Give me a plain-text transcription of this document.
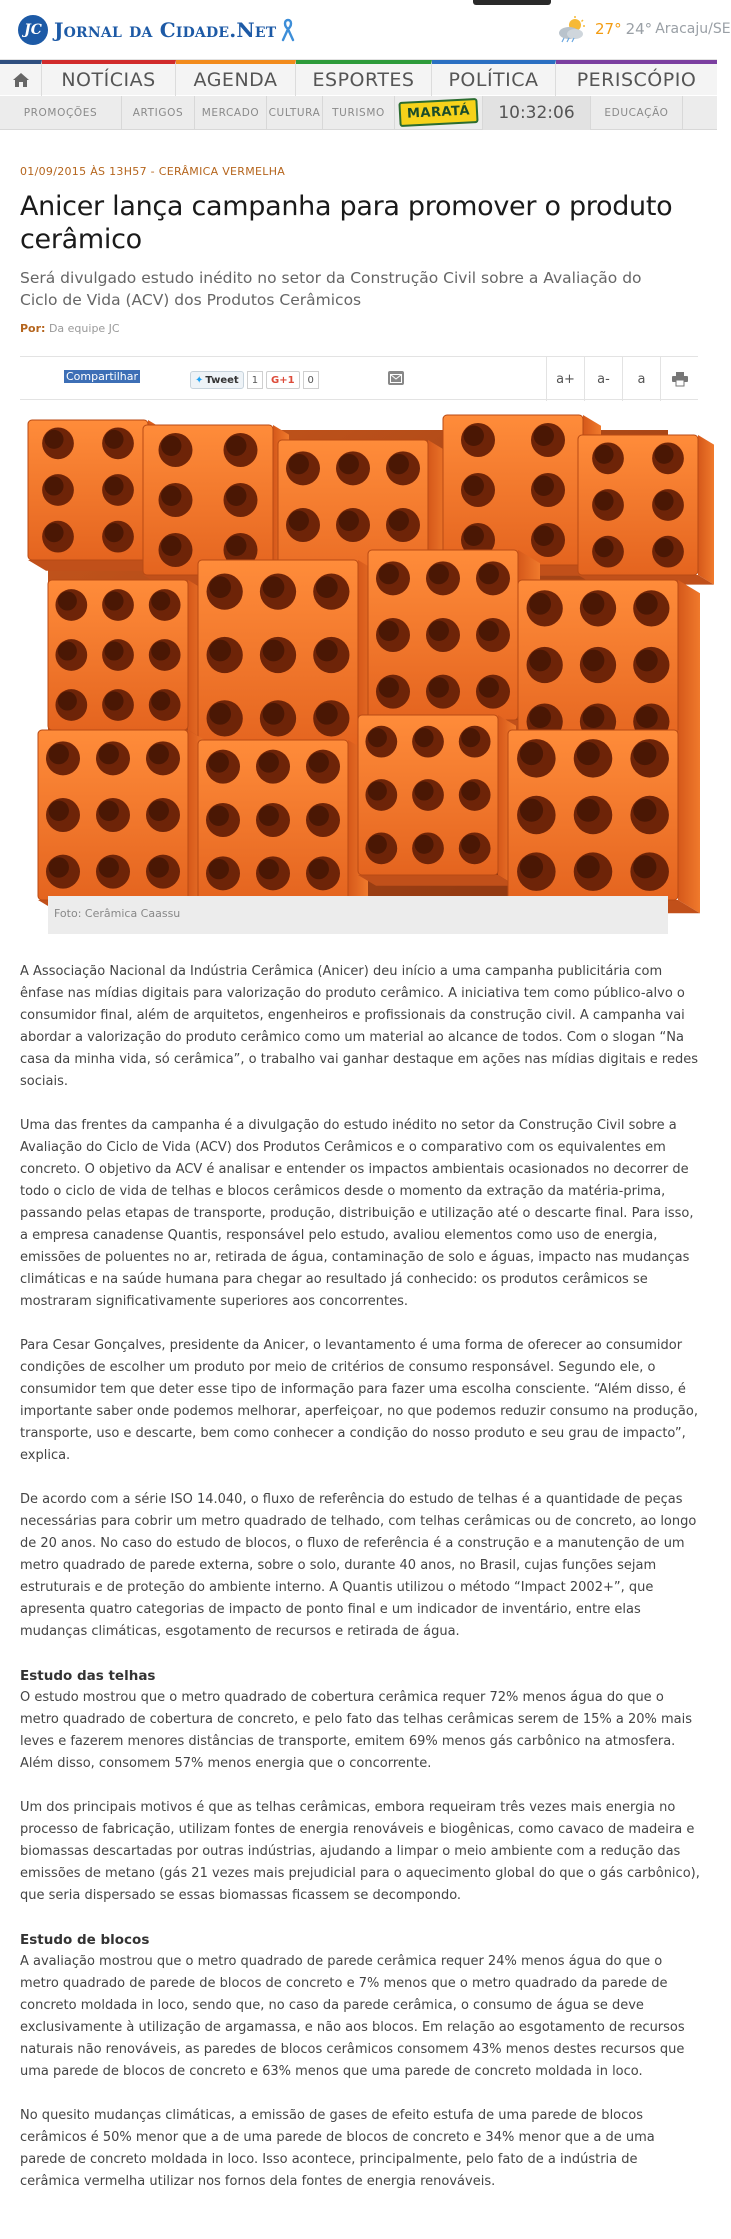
JC Jornal da Cidade.Net	27° 24° Aracaju/SE
NOTÍCIAS	AGENDA	ESPORTES	POLÍTICA	PERISCÓPIO
PROMOÇÕES	ARTIGOS	MERCADO CULTURA	TURISMO	MARATÁ	10:32:06	EDUCAÇÃO
01/09/2015 ÀS 13H57 - CERÂMICA VERMELHA
Anicer lança campanha para promover o produto cerâmico
Será divulgado estudo inédito no setor da Construção Civil sobre a Avaliação do Ciclo de Vida (ACV) dos Produtos Cerâmicos
Por: Da equipe JC
Compartilhar	✦ Tweet	1	G+1	0	a+	a-	a
Foto: Cerâmica Caassu

A Associação Nacional da Indústria Cerâmica (Anicer) deu início a uma campanha publicitária com ênfase nas mídias digitais para valorização do produto cerâmico. A iniciativa tem como público-alvo o consumidor final, além de arquitetos, engenheiros e profissionais da construção civil. A campanha vai abordar a valorização do produto cerâmico como um material ao alcance de todos. Com o slogan “Na casa da minha vida, só cerâmica”, o trabalho vai ganhar destaque em ações nas mídias digitais e redes sociais.

Uma das frentes da campanha é a divulgação do estudo inédito no setor da Construção Civil sobre a Avaliação do Ciclo de Vida (ACV) dos Produtos Cerâmicos e o comparativo com os equivalentes em concreto. O objetivo da ACV é analisar e entender os impactos ambientais ocasionados no decorrer de todo o ciclo de vida de telhas e blocos cerâmicos desde o momento da extração da matéria-prima, passando pelas etapas de transporte, produção, distribuição e utilização até o descarte final. Para isso, a empresa canadense Quantis, responsável pelo estudo, avaliou elementos como uso de energia, emissões de poluentes no ar, retirada de água, contaminação de solo e águas, impacto nas mudanças climáticas e na saúde humana para chegar ao resultado já conhecido: os produtos cerâmicos se mostraram significativamente superiores aos concorrentes.

Para Cesar Gonçalves, presidente da Anicer, o levantamento é uma forma de oferecer ao consumidor condições de escolher um produto por meio de critérios de consumo responsável. Segundo ele, o consumidor tem que deter esse tipo de informação para fazer uma escolha consciente. “Além disso, é importante saber onde podemos melhorar, aperfeiçoar, no que podemos reduzir consumo na produção, transporte, uso e descarte, bem como conhecer a condição do nosso produto e seu grau de impacto”, explica.

De acordo com a série ISO 14.040, o fluxo de referência do estudo de telhas é a quantidade de peças necessárias para cobrir um metro quadrado de telhado, com telhas cerâmicas ou de concreto, ao longo de 20 anos. No caso do estudo de blocos, o fluxo de referência é a construção e a manutenção de um metro quadrado de parede externa, sobre o solo, durante 40 anos, no Brasil, cujas funções sejam estruturais e de proteção do ambiente interno. A Quantis utilizou o método “Impact 2002+”, que apresenta quatro categorias de impacto de ponto final e um indicador de inventário, entre elas mudanças climáticas, esgotamento de recursos e retirada de água.

Estudo das telhas

O estudo mostrou que o metro quadrado de cobertura cerâmica requer 72% menos água do que o metro quadrado de cobertura de concreto, e pelo fato das telhas cerâmicas serem de 15% a 20% mais leves e fazerem menores distâncias de transporte, emitem 69% menos gás carbônico na atmosfera. Além disso, consomem 57% menos energia que o concorrente.

Um dos principais motivos é que as telhas cerâmicas, embora requeiram três vezes mais energia no processo de fabricação, utilizam fontes de energia renováveis e biogênicas, como cavaco de madeira e biomassas descartadas por outras indústrias, ajudando a limpar o meio ambiente com a redução das emissões de metano (gás 21 vezes mais prejudicial para o aquecimento global do que o gás carbônico), que seria dispersado se essas biomassas ficassem se decompondo.

Estudo de blocos

A avaliação mostrou que o metro quadrado de parede cerâmica requer 24% menos água do que o metro quadrado de parede de blocos de concreto e 7% menos que o metro quadrado da parede de concreto moldada in loco, sendo que, no caso da parede cerâmica, o consumo de água se deve exclusivamente à utilização de argamassa, e não aos blocos. Em relação ao esgotamento de recursos naturais não renováveis, as paredes de blocos cerâmicos consomem 43% menos destes recursos que uma parede de blocos de concreto e 63% menos que uma parede de concreto moldada in loco.

No quesito mudanças climáticas, a emissão de gases de efeito estufa de uma parede de blocos cerâmicos é 50% menor que a de uma parede de blocos de concreto e 34% menor que a de uma parede de concreto moldada in loco. Isso acontece, principalmente, pelo fato de a indústria de cerâmica vermelha utilizar nos fornos dela fontes de energia renováveis.
